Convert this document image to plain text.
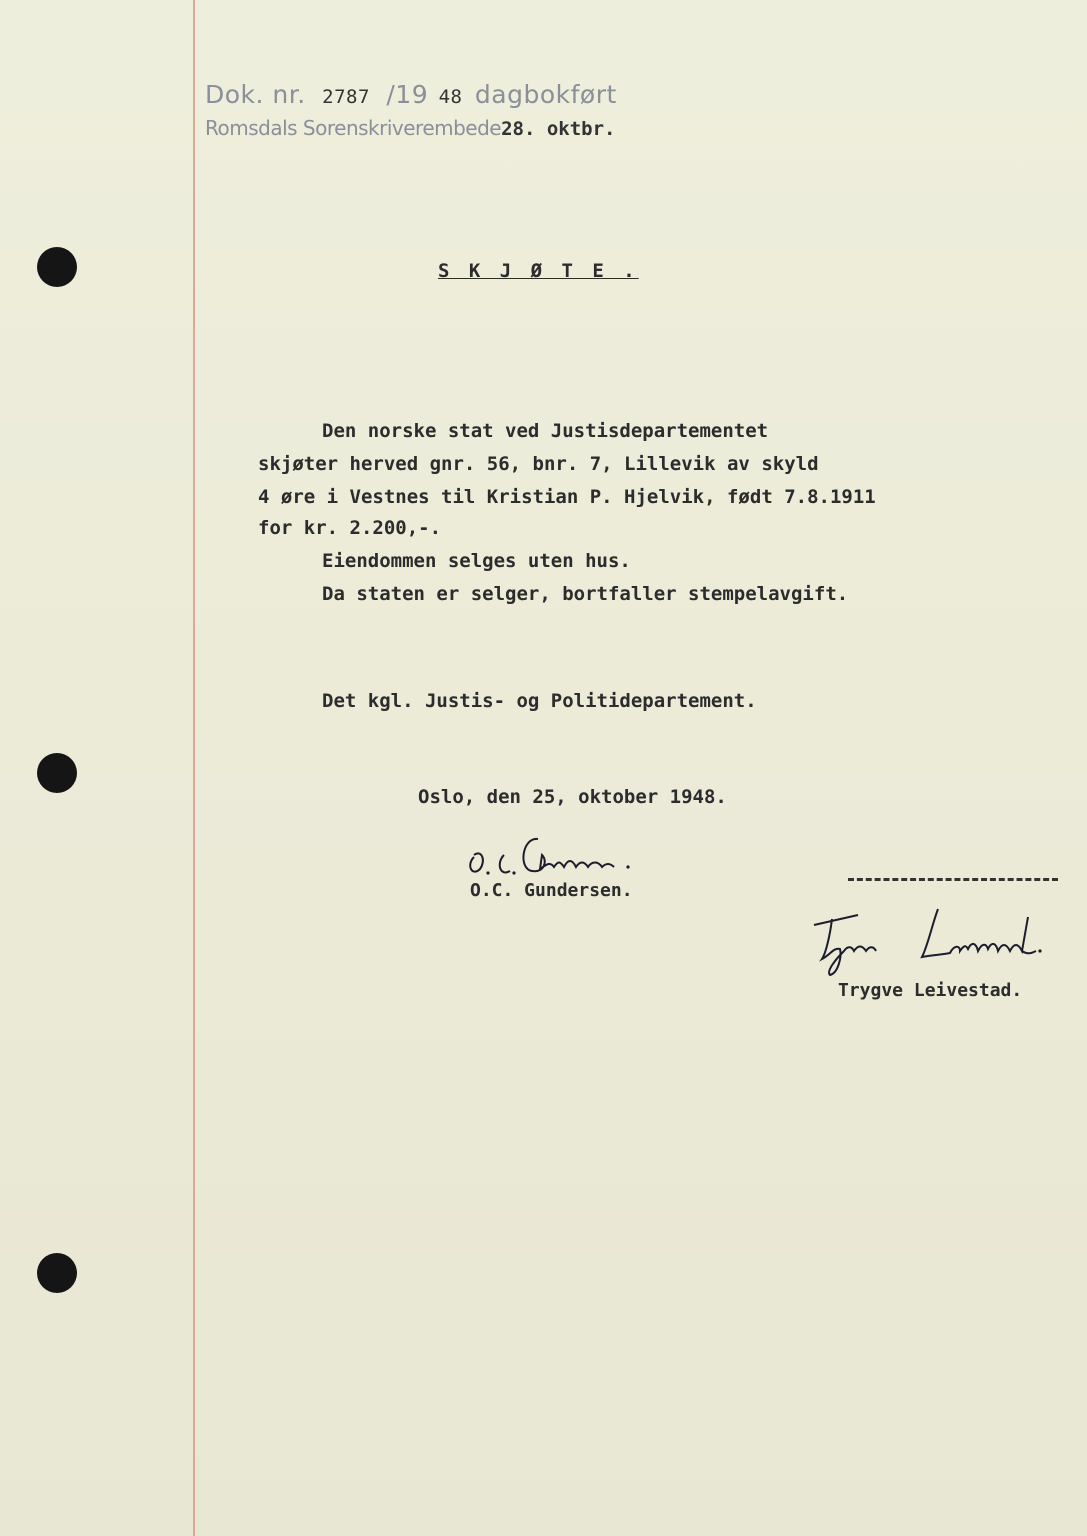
Dok. nr. 2787 /19 48 dagbokført
Romsdals Sorenskriverembede28. oktbr.
S K J Ø T E .
Den norske stat ved Justisdepartementet
skjøter herved gnr. 56, bnr. 7, Lillevik av skyld
4 øre i Vestnes til Kristian P. Hjelvik, født 7.8.1911
for kr. 2.200,-.
Eiendommen selges uten hus.
Da staten er selger, bortfaller stempelavgift.
Det kgl. Justis- og Politidepartement.
Oslo, den 25, oktober 1948.
O.C. Gundersen.
Trygve Leivestad.
